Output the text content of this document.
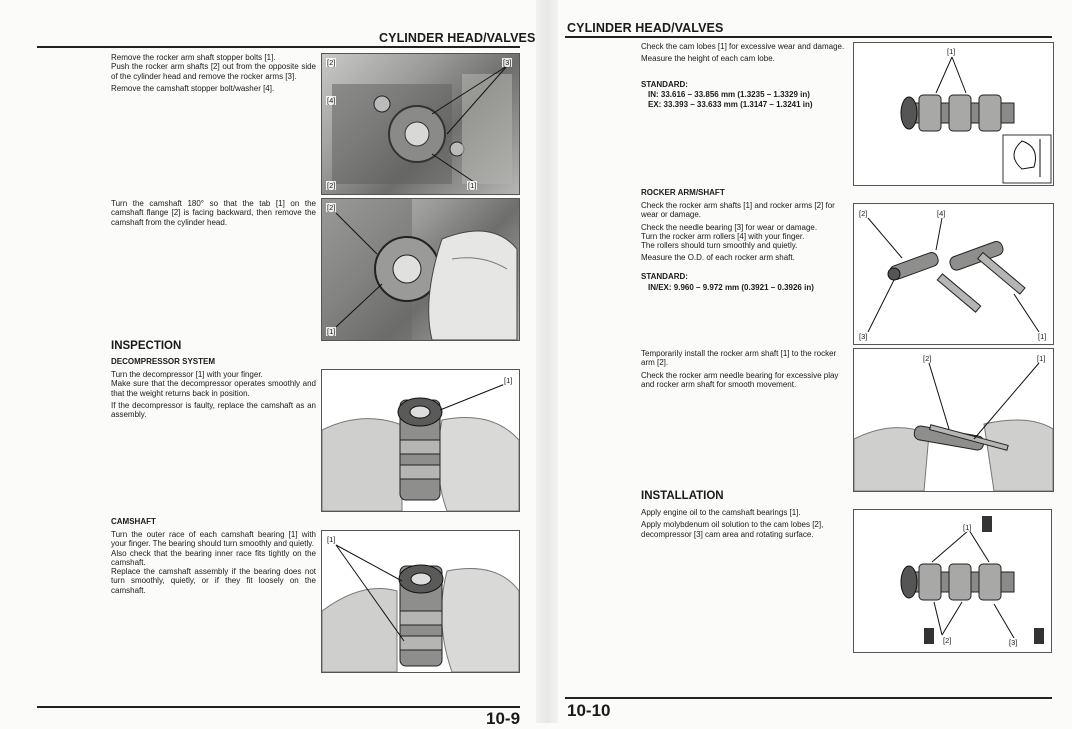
CYLINDER HEAD/VALVES

Remove the rocker arm shaft stopper bolts [1].

Push the rocker arm shafts [2] out from the opposite side of the cylinder head and remove the rocker arms [3].

Remove the camshaft stopper bolt/washer [4].

[2]	[3]
[4]
[2]	[1]
Turn the camshaft 180° so that the tab [1] on the camshaft flange [2] is facing backward, then remove the camshaft from the cylinder head.
[2]
[1]
INSPECTION
DECOMPRESSOR SYSTEM

Turn the decompressor [1] with your finger.

Make sure that the decompressor operates smoothly and that the weight returns back in position.

If the decompressor is faulty, replace the camshaft as an assembly.

[1]
CAMSHAFT

Turn the outer race of each camshaft bearing [1] with your finger. The bearing should turn smoothly and quietly.

Also check that the bearing inner race fits tightly on the camshaft.

Replace the camshaft assembly if the bearing does not turn smoothly, quietly, or if they fit loosely on the camshaft.

[1]
10-9
CYLINDER HEAD/VALVES

Check the cam lobes [1] for excessive wear and damage.

Measure the height of each cam lobe.

STANDARD:
IN: 33.616 – 33.856 mm (1.3235 – 1.3329 in)
EX: 33.393 – 33.633 mm (1.3147 – 1.3241 in)
[1]
ROCKER ARM/SHAFT

Check the rocker arm shafts [1] and rocker arms [2] for wear or damage.

Check the needle bearing [3] for wear or damage.

Turn the rocker arm rollers [4] with your finger.

The rollers should turn smoothly and quietly.

Measure the O.D. of each rocker arm shaft.

STANDARD:
IN/EX: 9.960 – 9.972 mm (0.3921 – 0.3926 in)
[2]	[4]
[3]	[1]

Temporarily install the rocker arm shaft [1] to the rocker arm [2].

Check the rocker arm needle bearing for excessive play and rocker arm shaft for smooth movement.

[2]	[1]
INSTALLATION

Apply engine oil to the camshaft bearings [1].

Apply molybdenum oil solution to the cam lobes [2], decompressor [3] cam area and rotating surface.

[1]
[2]	[3]
10-10
